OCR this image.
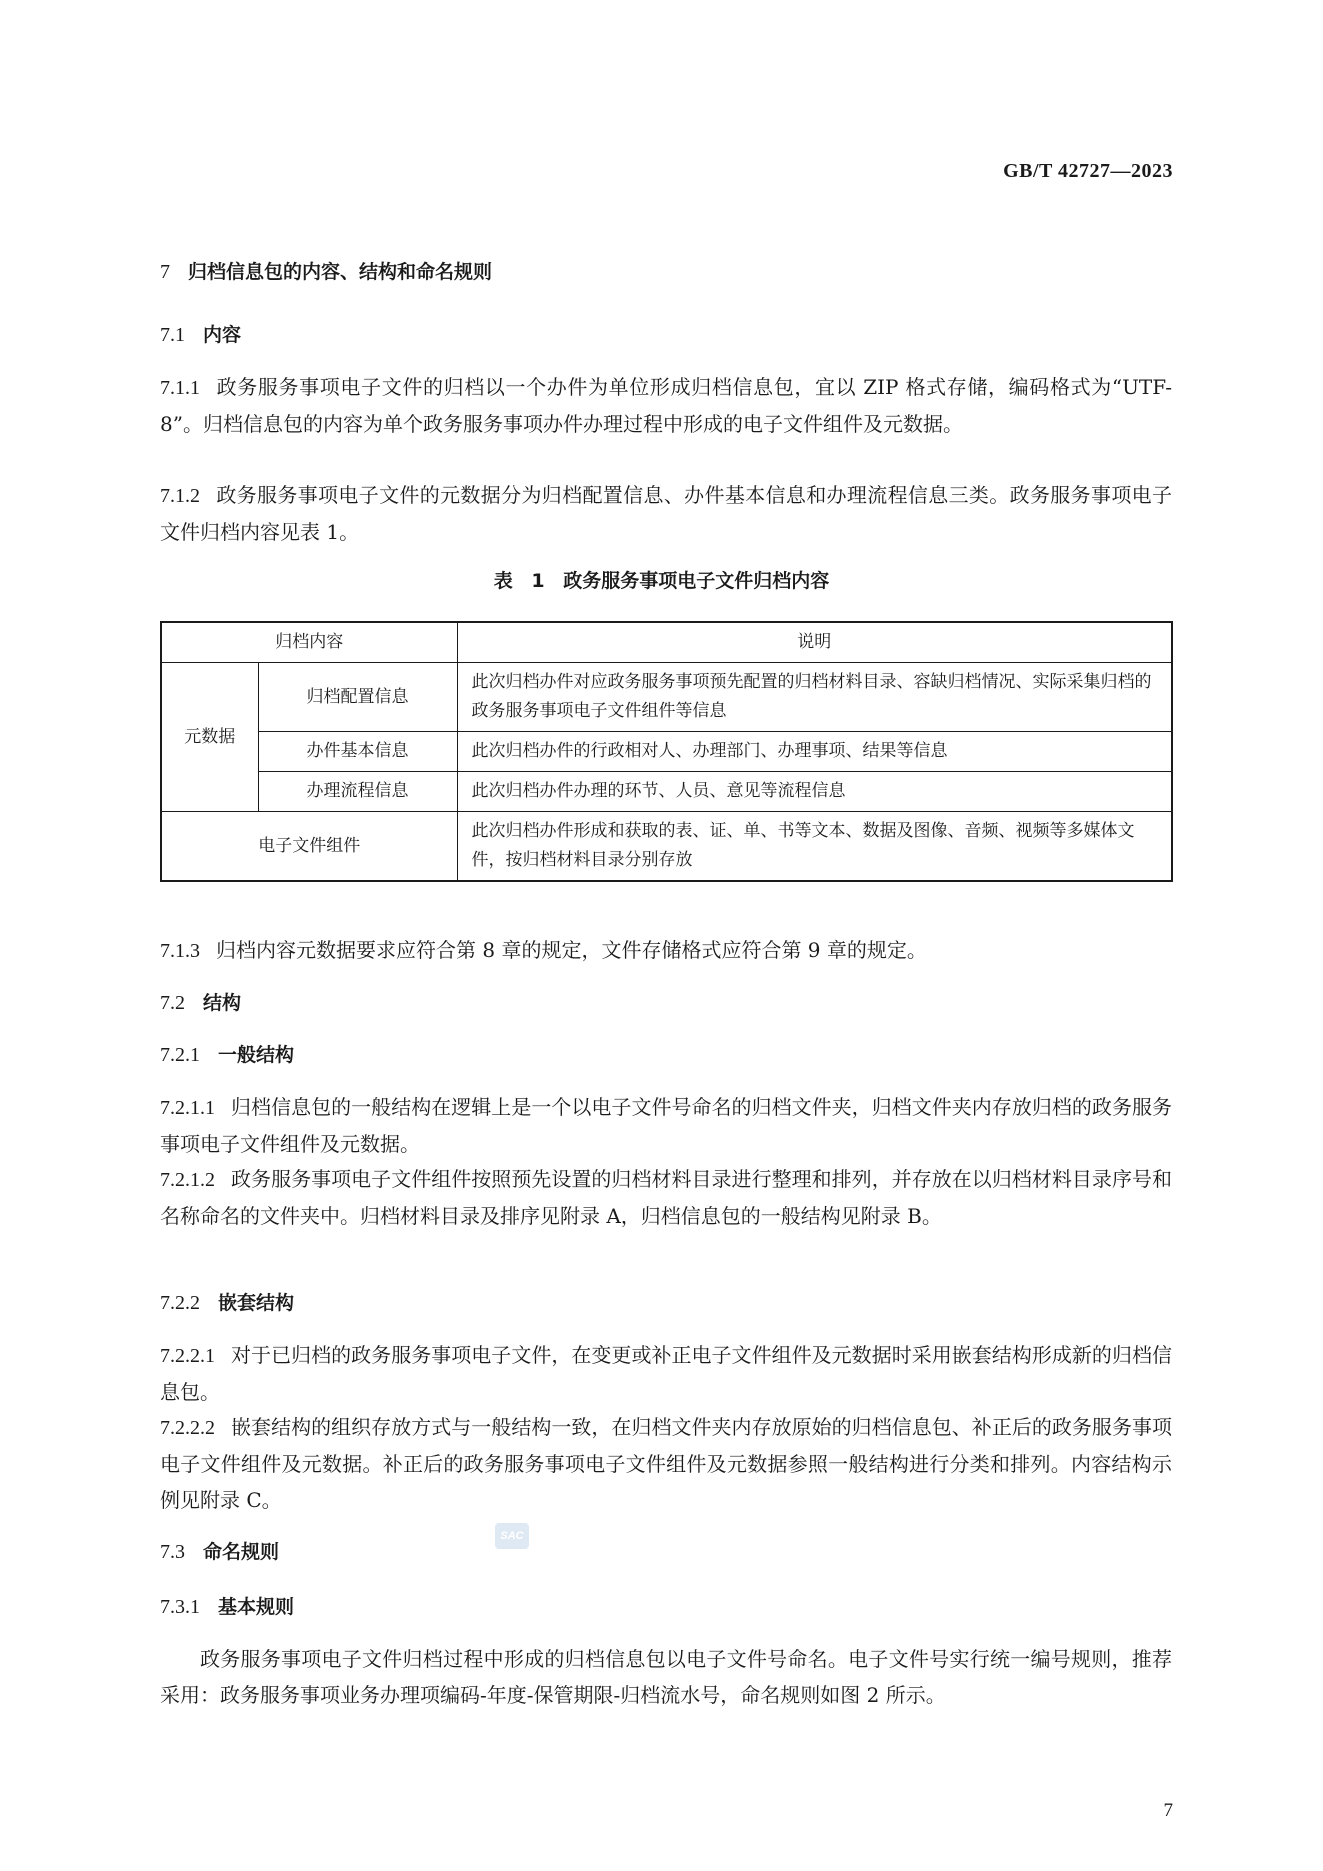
GB/T 42727—2023
7 归档信息包的内容、结构和命名规则
7.1 内容
7.1.1 政务服务事项电子文件的归档以一个办件为单位形成归档信息包，宜以 ZIP 格式存储，编码格式为“UTF-8”。归档信息包的内容为单个政务服务事项办件办理过程中形成的电子文件组件及元数据。
7.1.2 政务服务事项电子文件的元数据分为归档配置信息、办件基本信息和办理流程信息三类。政务服务事项电子文件归档内容见表 1。
表 1 政务服务事项电子文件归档内容
归档内容		说明
元数据	归档配置信息	此次归档办件对应政务服务事项预先配置的归档材料目录、容缺归档情况、实际采集归档的政务服务事项电子文件组件等信息
	办件基本信息	此次归档办件的行政相对人、办理部门、办理事项、结果等信息
	办理流程信息	此次归档办件办理的环节、人员、意见等流程信息
电子文件组件		此次归档办件形成和获取的表、证、单、书等文本、数据及图像、音频、视频等多媒体文件，按归档材料目录分别存放
7.1.3 归档内容元数据要求应符合第 8 章的规定，文件存储格式应符合第 9 章的规定。
7.2 结构
7.2.1 一般结构
7.2.1.1 归档信息包的一般结构在逻辑上是一个以电子文件号命名的归档文件夹，归档文件夹内存放归档的政务服务事项电子文件组件及元数据。
7.2.1.2 政务服务事项电子文件组件按照预先设置的归档材料目录进行整理和排列，并存放在以归档材料目录序号和名称命名的文件夹中。归档材料目录及排序见附录 A，归档信息包的一般结构见附录 B。
7.2.2 嵌套结构
7.2.2.1 对于已归档的政务服务事项电子文件，在变更或补正电子文件组件及元数据时采用嵌套结构形成新的归档信息包。
7.2.2.2 嵌套结构的组织存放方式与一般结构一致，在归档文件夹内存放原始的归档信息包、补正后的政务服务事项电子文件组件及元数据。补正后的政务服务事项电子文件组件及元数据参照一般结构进行分类和排列。内容结构示例见附录 C。
7.3 命名规则
SAC
7.3.1 基本规则
政务服务事项电子文件归档过程中形成的归档信息包以电子文件号命名。电子文件号实行统一编号规则，推荐采用：政务服务事项业务办理项编码-年度-保管期限-归档流水号，命名规则如图 2 所示。
7
